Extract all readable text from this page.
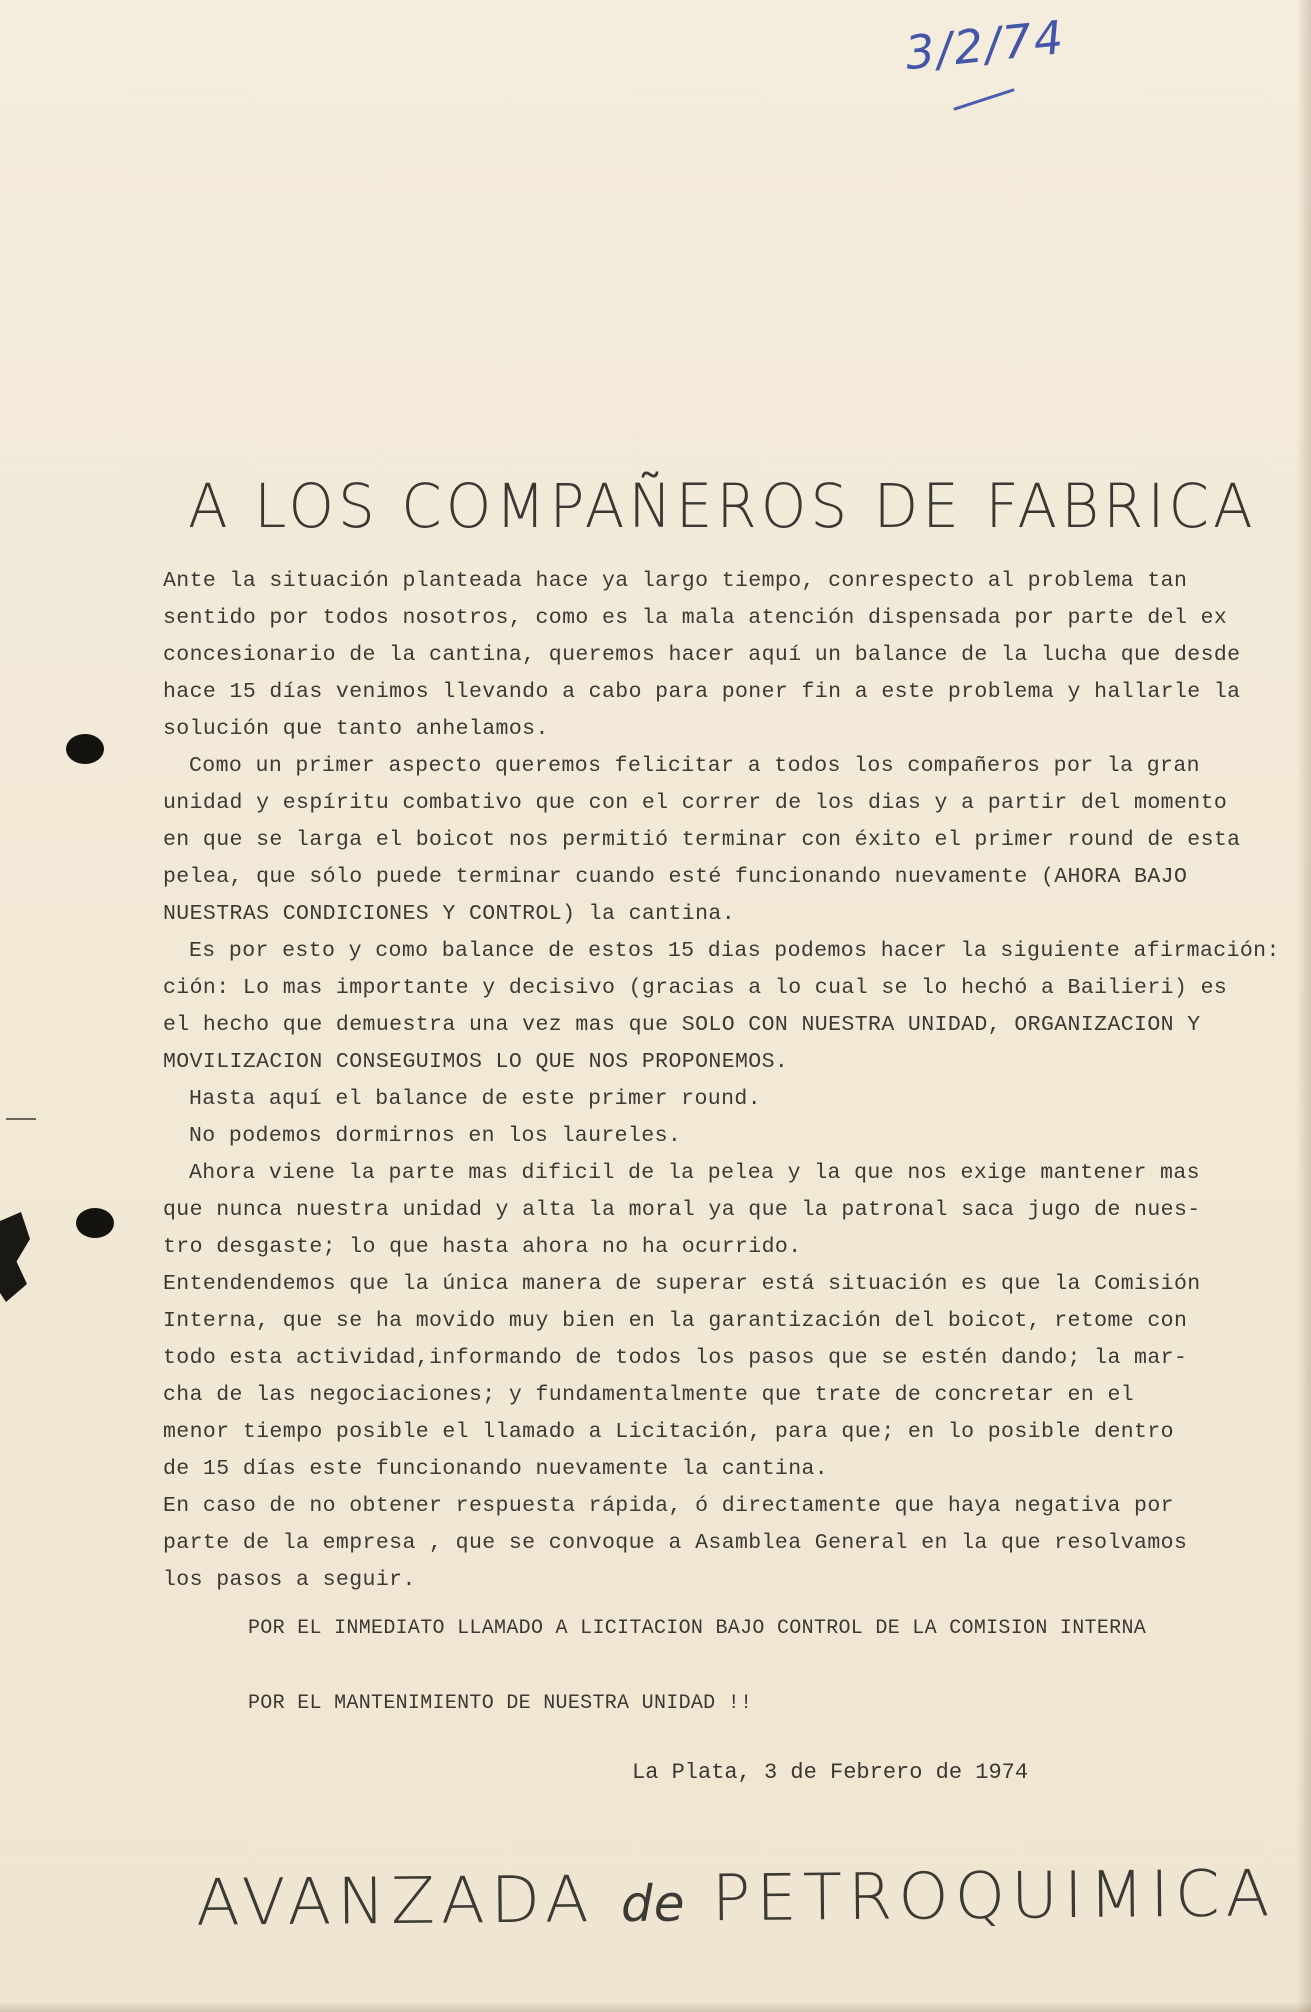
3/2/74
A LOS COMPAÑEROS DE FABRICA
Ante la situación planteada hace ya largo tiempo, conrespecto al problema tan
sentido por todos nosotros, como es la mala atención dispensada por parte del ex
concesionario de la cantina, queremos hacer aquí un balance de la lucha que desde
hace 15 días venimos llevando a cabo para poner fin a este problema y hallarle la
solución que tanto anhelamos.
Como un primer aspecto queremos felicitar a todos los compañeros por la gran
unidad y espíritu combativo que con el correr de los dias y a partir del momento
en que se larga el boicot nos permitió terminar con éxito el primer round de esta
pelea, que sólo puede terminar cuando esté funcionando nuevamente (AHORA BAJO
NUESTRAS CONDICIONES Y CONTROL) la cantina.
Es por esto y como balance de estos 15 dias podemos hacer la siguiente afirmación:
ción: Lo mas importante y decisivo (gracias a lo cual se lo hechó a Bailieri) es
el hecho que demuestra una vez mas que SOLO CON NUESTRA UNIDAD, ORGANIZACION Y
MOVILIZACION CONSEGUIMOS LO QUE NOS PROPONEMOS.
Hasta aquí el balance de este primer round.
No podemos dormirnos en los laureles.
Ahora viene la parte mas dificil de la pelea y la que nos exige mantener mas
que nunca nuestra unidad y alta la moral ya que la patronal saca jugo de nues-
tro desgaste; lo que hasta ahora no ha ocurrido.
Entendendemos que la única manera de superar está situación es que la Comisión
Interna, que se ha movido muy bien en la garantización del boicot, retome con
todo esta actividad,informando de todos los pasos que se estén dando; la mar-
cha de las negociaciones; y fundamentalmente que trate de concretar en el
menor tiempo posible el llamado a Licitación, para que; en lo posible dentro
de 15 días este funcionando nuevamente la cantina.
En caso de no obtener respuesta rápida, ó directamente que haya negativa por
parte de la empresa , que se convoque a Asamblea General en la que resolvamos
los pasos a seguir.
POR EL INMEDIATO LLAMADO A LICITACION BAJO CONTROL DE LA COMISION INTERNA
POR EL MANTENIMIENTO DE NUESTRA UNIDAD !!
La Plata, 3 de Febrero de 1974
AVANZADA de PETROQUIMICA
